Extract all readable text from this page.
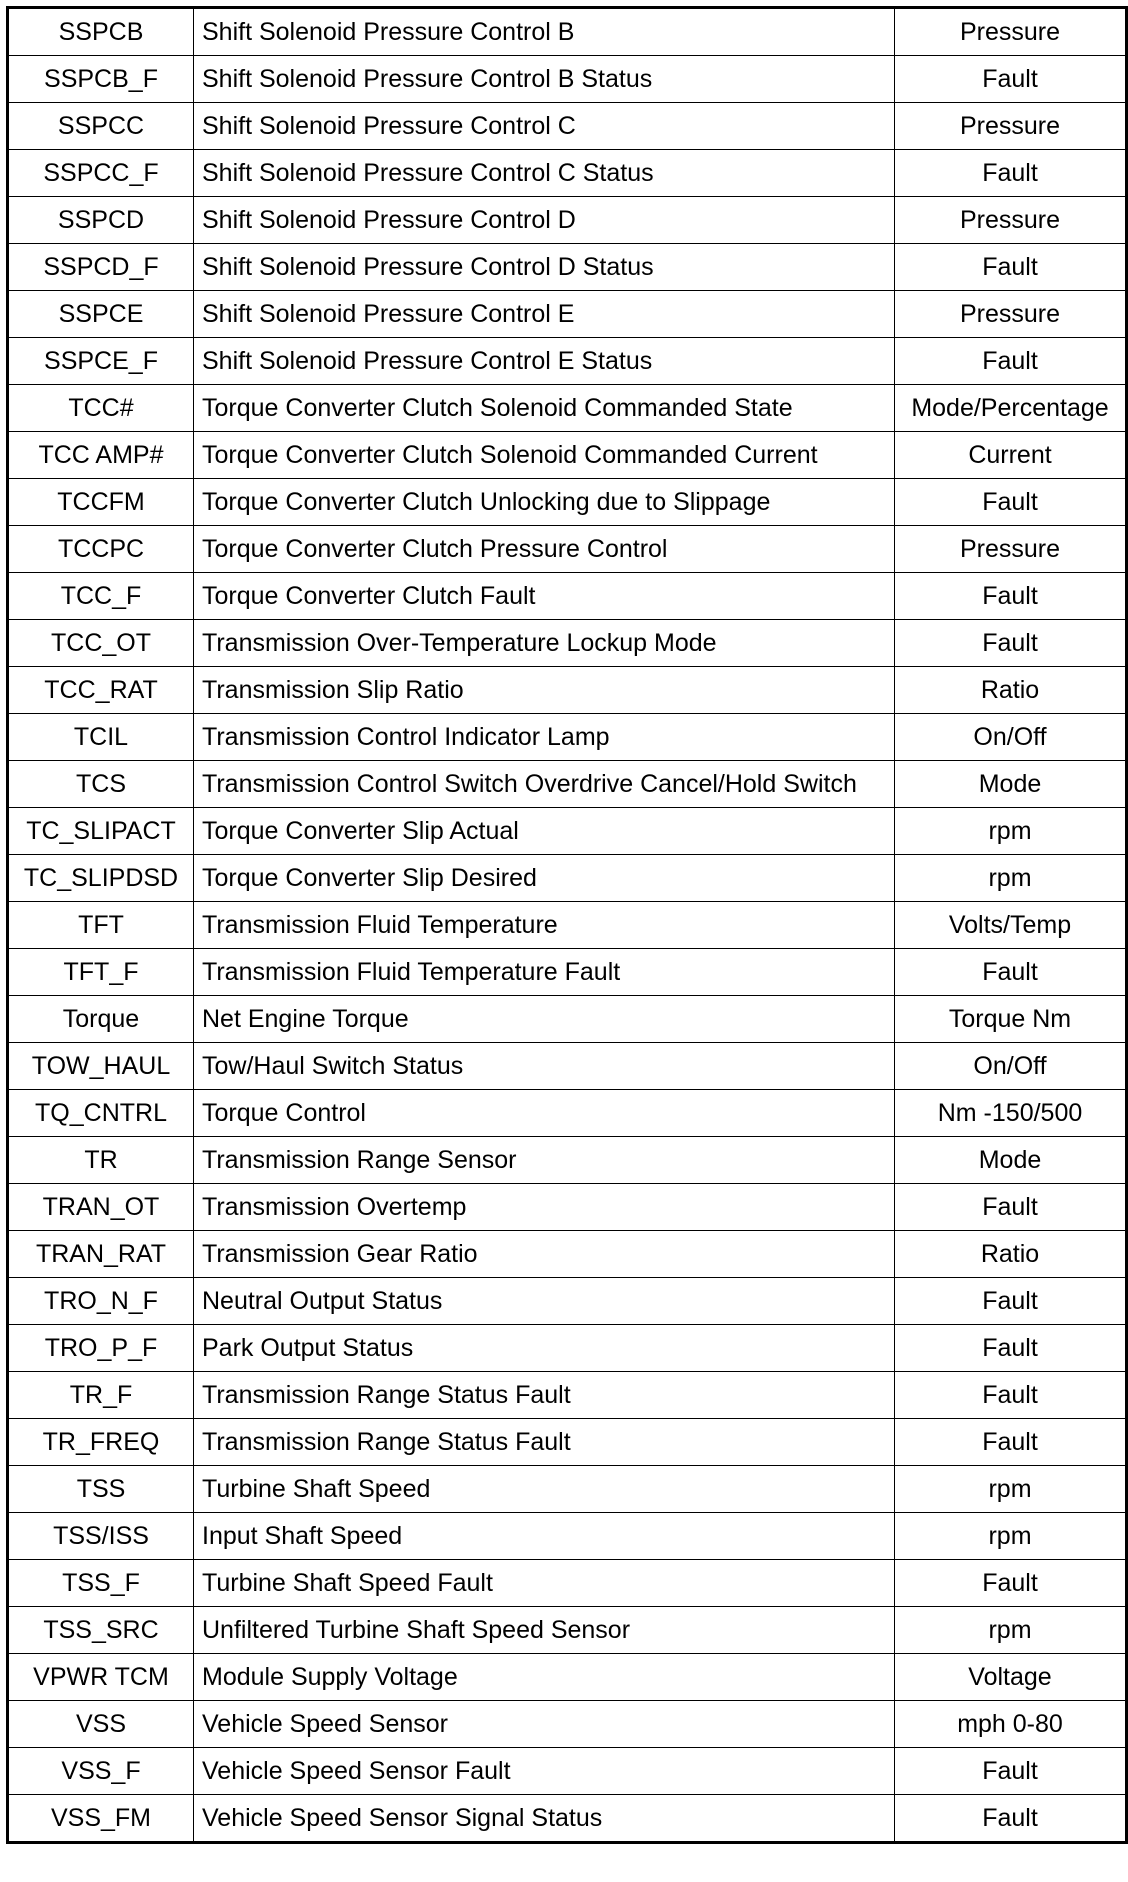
SSPCB	Shift Solenoid Pressure Control B	Pressure
SSPCB_F	Shift Solenoid Pressure Control B Status	Fault
SSPCC	Shift Solenoid Pressure Control C	Pressure
SSPCC_F	Shift Solenoid Pressure Control C Status	Fault
SSPCD	Shift Solenoid Pressure Control D	Pressure
SSPCD_F	Shift Solenoid Pressure Control D Status	Fault
SSPCE	Shift Solenoid Pressure Control E	Pressure
SSPCE_F	Shift Solenoid Pressure Control E Status	Fault
TCC#	Torque Converter Clutch Solenoid Commanded State	Mode/Percentage
TCC AMP#	Torque Converter Clutch Solenoid Commanded Current	Current
TCCFM	Torque Converter Clutch Unlocking due to Slippage	Fault
TCCPC	Torque Converter Clutch Pressure Control	Pressure
TCC_F	Torque Converter Clutch Fault	Fault
TCC_OT	Transmission Over-Temperature Lockup Mode	Fault
TCC_RAT	Transmission Slip Ratio	Ratio
TCIL	Transmission Control Indicator Lamp	On/Off
TCS	Transmission Control Switch Overdrive Cancel/Hold Switch	Mode
TC_SLIPACT	Torque Converter Slip Actual	rpm
TC_SLIPDSD	Torque Converter Slip Desired	rpm
TFT	Transmission Fluid Temperature	Volts/Temp
TFT_F	Transmission Fluid Temperature Fault	Fault
Torque	Net Engine Torque	Torque Nm
TOW_HAUL	Tow/Haul Switch Status	On/Off
TQ_CNTRL	Torque Control	Nm -150/500
TR	Transmission Range Sensor	Mode
TRAN_OT	Transmission Overtemp	Fault
TRAN_RAT	Transmission Gear Ratio	Ratio
TRO_N_F	Neutral Output Status	Fault
TRO_P_F	Park Output Status	Fault
TR_F	Transmission Range Status Fault	Fault
TR_FREQ	Transmission Range Status Fault	Fault
TSS	Turbine Shaft Speed	rpm
TSS/ISS	Input Shaft Speed	rpm
TSS_F	Turbine Shaft Speed Fault	Fault
TSS_SRC	Unfiltered Turbine Shaft Speed Sensor	rpm
VPWR TCM	Module Supply Voltage	Voltage
VSS	Vehicle Speed Sensor	mph 0-80
VSS_F	Vehicle Speed Sensor Fault	Fault
VSS_FM	Vehicle Speed Sensor Signal Status	Fault
